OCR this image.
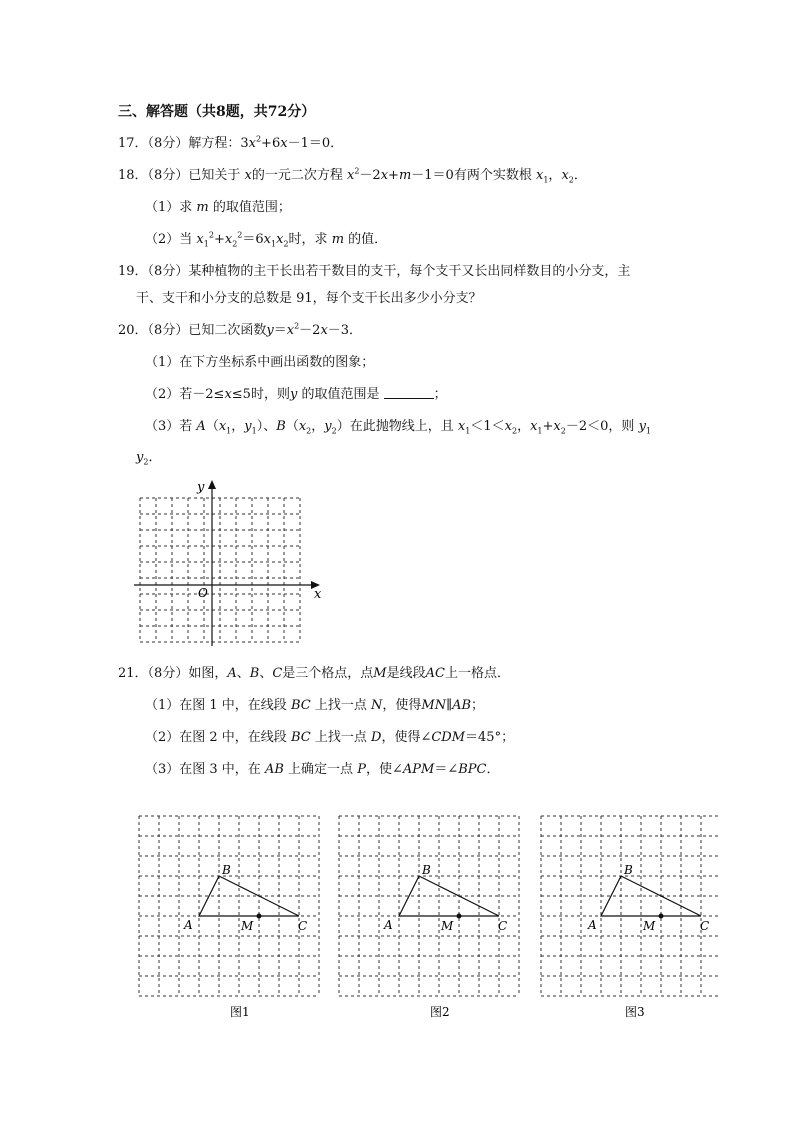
三、解答题（共8题，共72分）
17．（8分）解方程：$3x^2+6x-1=0$．
18．（8分）已知关于 x的一元二次方程 $x^2-2x+m-1=0$有两个实数根 $x_1$，$x_2$．
（1）求 m 的取值范围；
（2）当 $x_1^2+x_2^2=6x_1x_2$时，求 m 的值．
19．（8分）某种植物的主干长出若干数目的支干，每个支干又长出同样数目的小分支，主
干、支干和小分支的总数是 91，每个支干长出多少小分支？
20．（8分）已知二次函数$y=x^2-2x-3$．
（1）在下方坐标系中画出函数的图象；
（2）若－2≤x≤5时，则y 的取值范围是	；
（3）若 $A(x_1$，$y_1$）、$B(x_2$，$y_2$）在此抛物线上，且 $x_1<1<x_2$，$x_1+x_2-2<0$，则 $y_1$
$y_2$．
x
y
O
21．（8分）如图，A、B、C是三个格点，点M是线段AC上一格点．
（1）在图 1 中，在线段 BC 上找一点 N，使得MN∥AB；
（2）在图 2 中，在线段 BC 上找一点 D，使得∠CDM＝45°；
（3）在图 3 中，在 AB 上确定一点 P，使∠APM＝∠BPC．
B
A	M	C
图1
B
A	M	C
图2
B
A	M	C
图3
